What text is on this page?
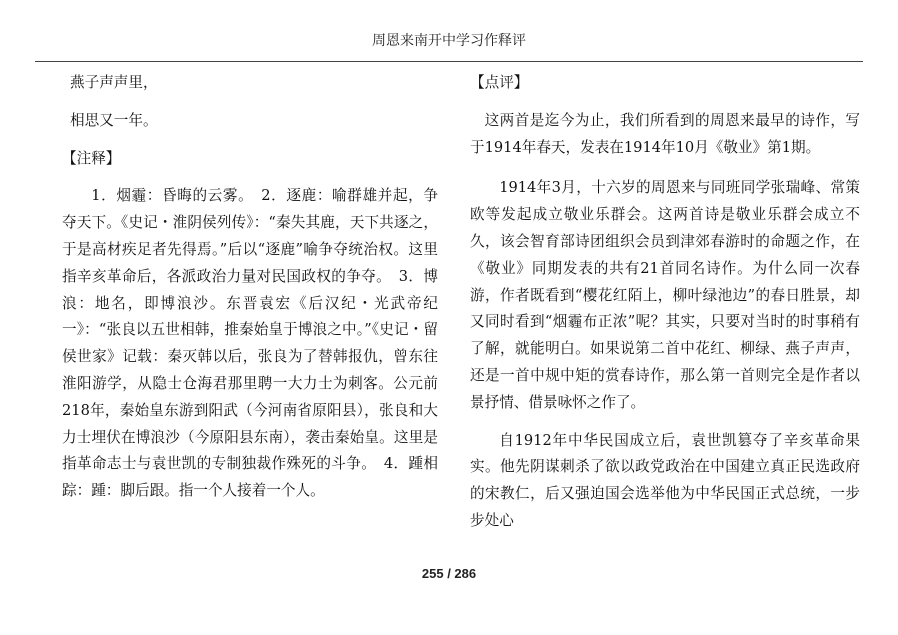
周恩来南开中学习作释评

燕子声声里，

相思又一年。

【注释】

1．烟霾：昏晦的云雾。　2．逐鹿：喻群雄并起，争夺天下。《史记・淮阴侯列传》：“秦失其鹿，天下共逐之，于是高材疾足者先得焉。”后以“逐鹿”喻争夺统治权。这里指辛亥革命后，各派政治力量对民国政权的争夺。　3．博浪：地名，即博浪沙。东晋袁宏《后汉纪・光武帝纪一》：“张良以五世相韩，推秦始皇于博浪之中。”《史记・留侯世家》记载：秦灭韩以后，张良为了替韩报仇，曾东往淮阳游学，从隐士仓海君那里聘一大力士为刺客。公元前218年，秦始皇东游到阳武（今河南省原阳县），张良和大力士埋伏在博浪沙（今原阳县东南），袭击秦始皇。这里是指革命志士与袁世凯的专制独裁作殊死的斗争。　4．踵相踪：踵：脚后跟。指一个人接着一个人。

【点评】

这两首是迄今为止，我们所看到的周恩来最早的诗作，写于1914年春天，发表在1914年10月《敬业》第1期。

1914年3月，十六岁的周恩来与同班同学张瑞峰、常策欧等发起成立敬业乐群会。这两首诗是敬业乐群会成立不久，该会智育部诗团组织会员到津郊春游时的命题之作，在《敬业》同期发表的共有21首同名诗作。为什么同一次春游，作者既看到“樱花红陌上，柳叶绿池边”的春日胜景，却又同时看到“烟霾布正浓”呢？其实，只要对当时的时事稍有了解，就能明白。如果说第二首中花红、柳绿、燕子声声，还是一首中规中矩的赏春诗作，那么第一首则完全是作者以景抒情、借景咏怀之作了。

自1912年中华民国成立后，袁世凯篡夺了辛亥革命果实。他先阴谋刺杀了欲以政党政治在中国建立真正民选政府的宋教仁，后又强迫国会选举他为中华民国正式总统，一步步处心

255 / 286
